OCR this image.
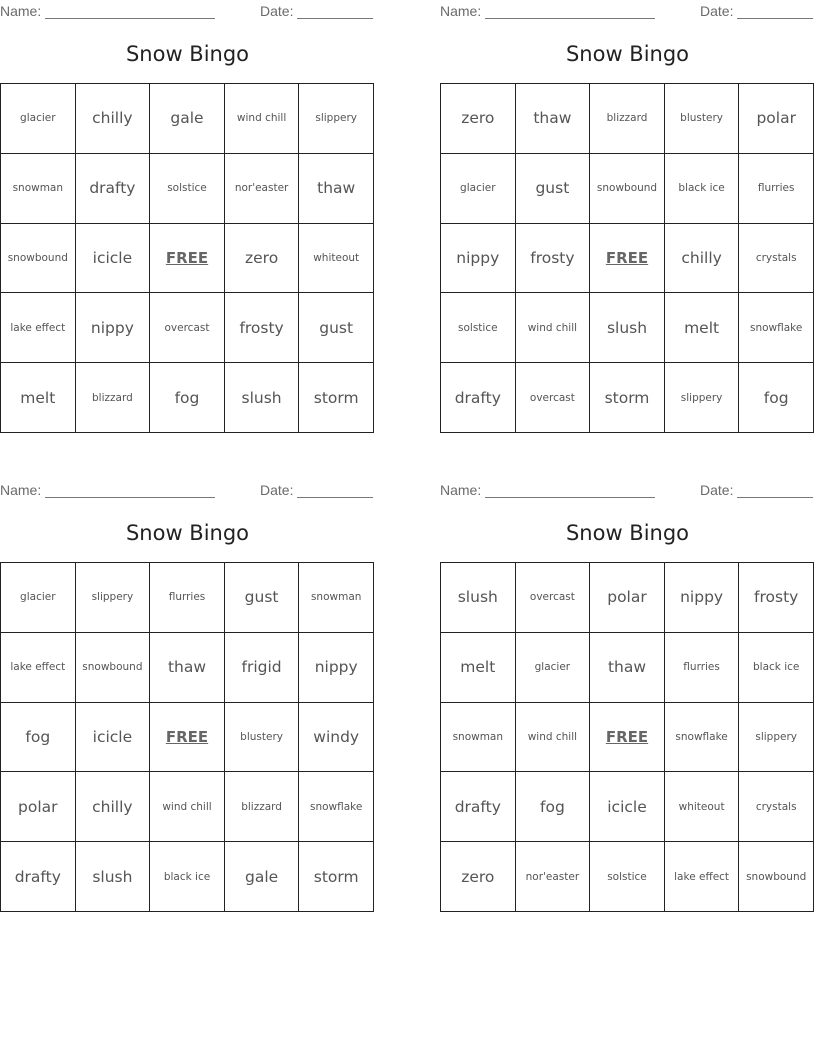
Name:	Date:
Snow Bingo
glacier	chilly	gale	wind chill	slippery
snowman	drafty	solstice	nor'easter	thaw
snowbound	icicle	FREE	zero	whiteout
lake effect	nippy	overcast	frosty	gust
melt	blizzard	fog	slush	storm
Name:	Date:
Snow Bingo
zero	thaw	blizzard	blustery	polar
glacier	gust	snowbound	black ice	flurries
nippy	frosty	FREE	chilly	crystals
solstice	wind chill	slush	melt	snowflake
drafty	overcast	storm	slippery	fog
Name:	Date:
Snow Bingo
glacier	slippery	flurries	gust	snowman
lake effect	snowbound	thaw	frigid	nippy
fog	icicle	FREE	blustery	windy
polar	chilly	wind chill	blizzard	snowflake
drafty	slush	black ice	gale	storm
Name:	Date:
Snow Bingo
slush	overcast	polar	nippy	frosty
melt	glacier	thaw	flurries	black ice
snowman	wind chill	FREE	snowflake	slippery
drafty	fog	icicle	whiteout	crystals
zero	nor'easter	solstice	lake effect	snowbound
